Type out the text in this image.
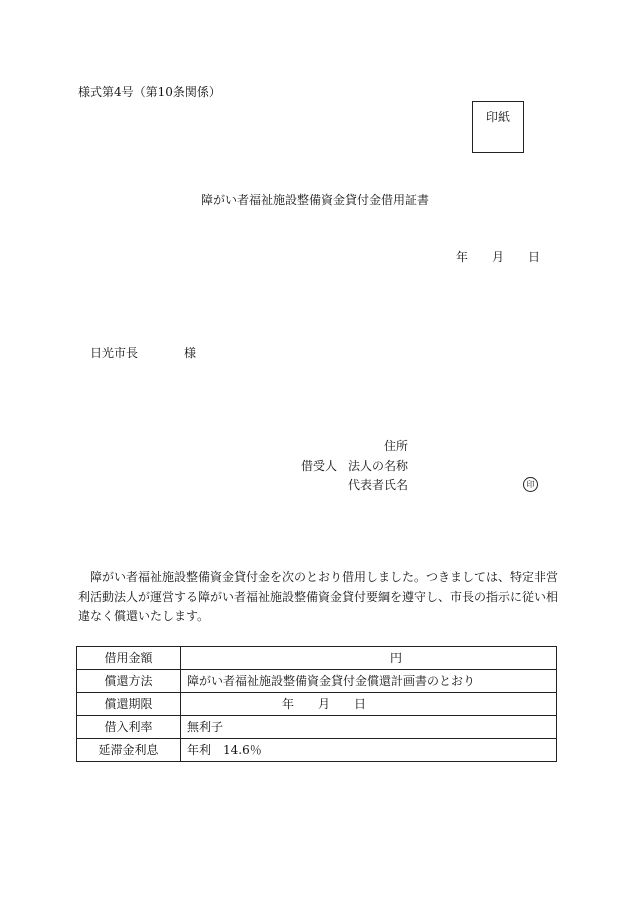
様式第4号（第10条関係）
印紙
障がい者福祉施設整備資金貸付金借用証書
年　　月　　日
日光市長	様
住所
借受人 法人の名称
代表者氏名	印
障がい者福祉施設整備資金貸付金を次のとおり借用しました。つきましては、特定非営
利活動法人が運営する障がい者福祉施設整備資金貸付要綱を遵守し、市長の指示に従い相
違なく償還いたします。
借用金額	円
償還方法	障がい者福祉施設整備資金貸付金償還計画書のとおり
償還期限	年　　月　　日
借入利率	無利子
延滞金利息	年利　14.6％
